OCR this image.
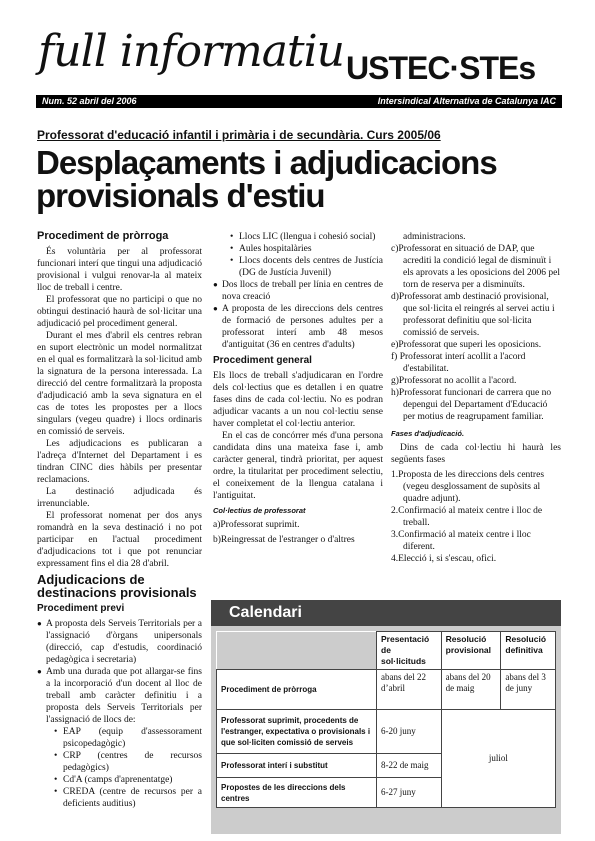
full informatiu USTEC·STEs
Num. 52 abril del 2006	Intersindical Alternativa de Catalunya IAC
Professorat d'educació infantil i primària i de secundària. Curs 2005/06
Desplaçaments i adjudicacions provisionals d'estiu
Procediment de pròrroga

És voluntària per al professorat funcionari interí que tingui una adjudicació provisional i vulgui renovar-la al mateix lloc de treball i centre.

El professorat que no participi o que no obtingui destinació haurà de sol·licitar una adjudicació pel procediment general.

Durant el mes d'abril els centres rebran en suport electrònic un model normalitzat en el qual es formalitzarà la sol·licitud amb la signatura de la persona interessada. La direcció del centre formalitzarà la proposta d'adjudicació amb la seva signatura en el cas de totes les propostes per a llocs singulars (vegeu quadre) i llocs ordinaris en comissió de serveis.

Les adjudicacions es publicaran a l'adreça d'Internet del Departament i es tindran CINC dies hàbils per presentar reclamacions.

La destinació adjudicada és irrenunciable.

El professorat nomenat per dos anys romandrà en la seva destinació i no pot participar en l'actual procediment d'adjudicacions tot i que pot renunciar expressament fins el dia 28 d'abril.

Adjudicacions de destinacions provisionals
Procediment previ

● A proposta dels Serveis Territorials per a l'assignació d'òrgans unipersonals (direcció, cap d'estudis, coordinació pedagògica i secretaria)

● Amb una durada que pot allargar-se fins a la incorporació d'un docent al lloc de treball amb caràcter definitiu i a proposta dels Serveis Territorials per l'assignació de llocs de:

• EAP (equip d'assessorament psicopedagògic)

• CRP (centres de recursos pedagògics)

• Cd'A (camps d'aprenentatge)

• CREDA (centre de recursos per a deficients auditius)

• Llocs LIC (llengua i cohesió social)

• Aules hospitalàries

• Llocs docents dels centres de Justícia (DG de Justícia Juvenil)

● Dos llocs de treball per línia en centres de nova creació

● A proposta de les direccions dels centres de formació de persones adultes per a professorat interí amb 48 mesos d'antiguitat (36 en centres d'adults)

Procediment general

Els llocs de treball s'adjudicaran en l'ordre dels col·lectius que es detallen i en quatre fases dins de cada col·lectiu. No es podran adjudicar vacants a un nou col·lectiu sense haver completat el col·lectiu anterior.

En el cas de concórrer més d'una persona candidata dins una mateixa fase i, amb caràcter general, tindrà prioritat, per aquest ordre, la titularitat per procediment selectiu, el coneixement de la llengua catalana i l'antiguitat.

Col·lectius de professorat

a)Professorat suprimit.

b)Reingressat de l'estranger o d'altres

administracions.

c)Professorat en situació de DAP, que acrediti la condició legal de disminuït i els aprovats a les oposicions del 2006 pel torn de reserva per a disminuïts.

d)Professorat amb destinació provisional, que sol·licita el reingrés al servei actiu i professorat definitiu que sol·licita comissió de serveis.

e)Professorat que superi les oposicions.

f) Professorat interí acollit a l'acord d'estabilitat.

g)Professorat no acollit a l'acord.

h)Professorat funcionari de carrera que no depengui del Departament d'Educació per motius de reagrupament familiar.

Fases d'adjudicació.

Dins de cada col·lectiu hi haurà les següents fases

1.Proposta de les direccions dels centres (vegeu desglossament de supòsits al quadre adjunt).

2.Confirmació al mateix centre i lloc de treball.

3.Confirmació al mateix centre i lloc diferent.

4.Elecció i, si s'escau, ofici.

Calendari
	Presentació de sol·licituds	Resolució provisional	Resolució definitiva
Procediment de pròrroga	abans del 22 d’abril	abans del 20 de maig	abans del 3 de juny
Professorat suprimit, procedents de l'estranger, expectativa o provisionals i que sol·liciten comissió de serveis	6-20 juny	juliol	
Professorat interí i substitut	8-22 de maig		
Propostes de les direccions dels centres	6-27 juny		
